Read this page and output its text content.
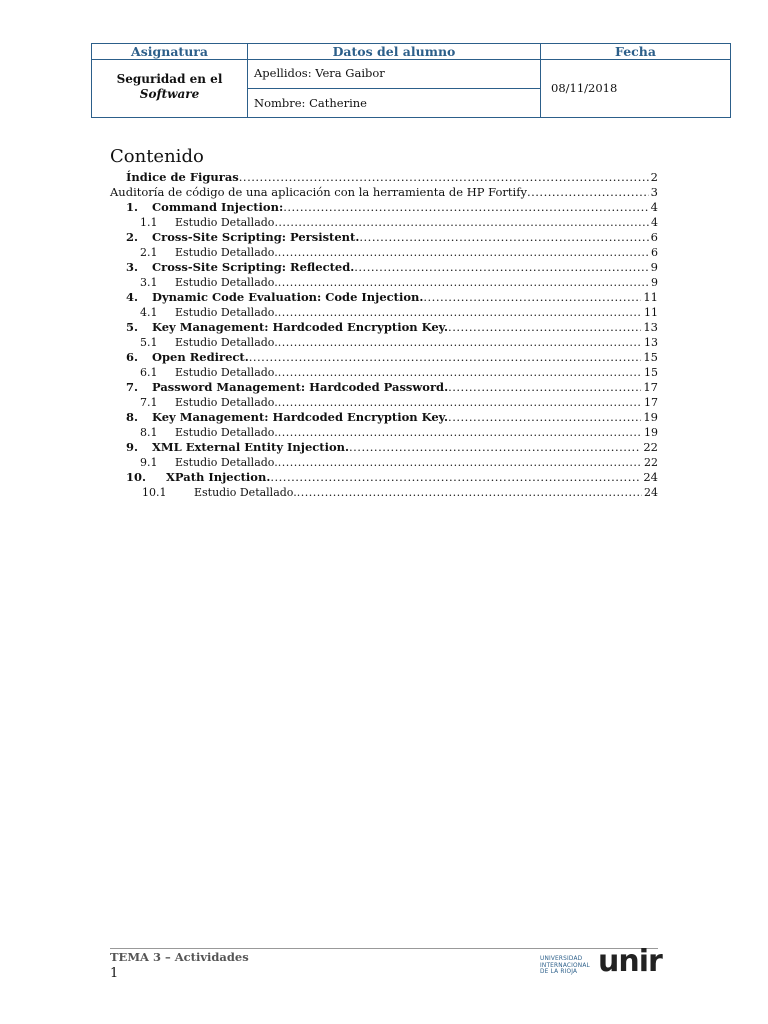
Asignatura	Datos del alumno	Fecha
Seguridad en el
Software
Apellidos: Vera Gaibor
Nombre: Catherine
08/11/2018
Contenido
Índice de Figuras .....	2
Auditoría de código de una aplicación con la herramienta de HP Fortify .....	3
1.	Command Injection: .....	4
1.1	Estudio Detallado .....	4
2.	Cross-Site Scripting: Persistent. .....	6
2.1	Estudio Detallado. .....	6
3.	Cross-Site Scripting: Reflected. .....	9
3.1	Estudio Detallado. .....	9
4.	Dynamic Code Evaluation: Code Injection. .....	11
4.1	Estudio Detallado. .....	11
5.	Key Management: Hardcoded Encryption Key. .....	13
5.1	Estudio Detallado. .....	13
6.	Open Redirect. .....	15
6.1	Estudio Detallado. .....	15
7.	Password Management: Hardcoded Password. .....	17
7.1	Estudio Detallado. .....	17
8.	Key Management: Hardcoded Encryption Key. .....	19
8.1	Estudio Detallado. .....	19
9.	XML External Entity Injection. .....	22
9.1	Estudio Detallado. .....	22
10.	XPath Injection. .....	24
10.1	Estudio Detallado. .....	24
TEMA 3 – Actividades
1
UNIVERSIDAD
INTERNACIONAL
DE LA RIOJA unir
